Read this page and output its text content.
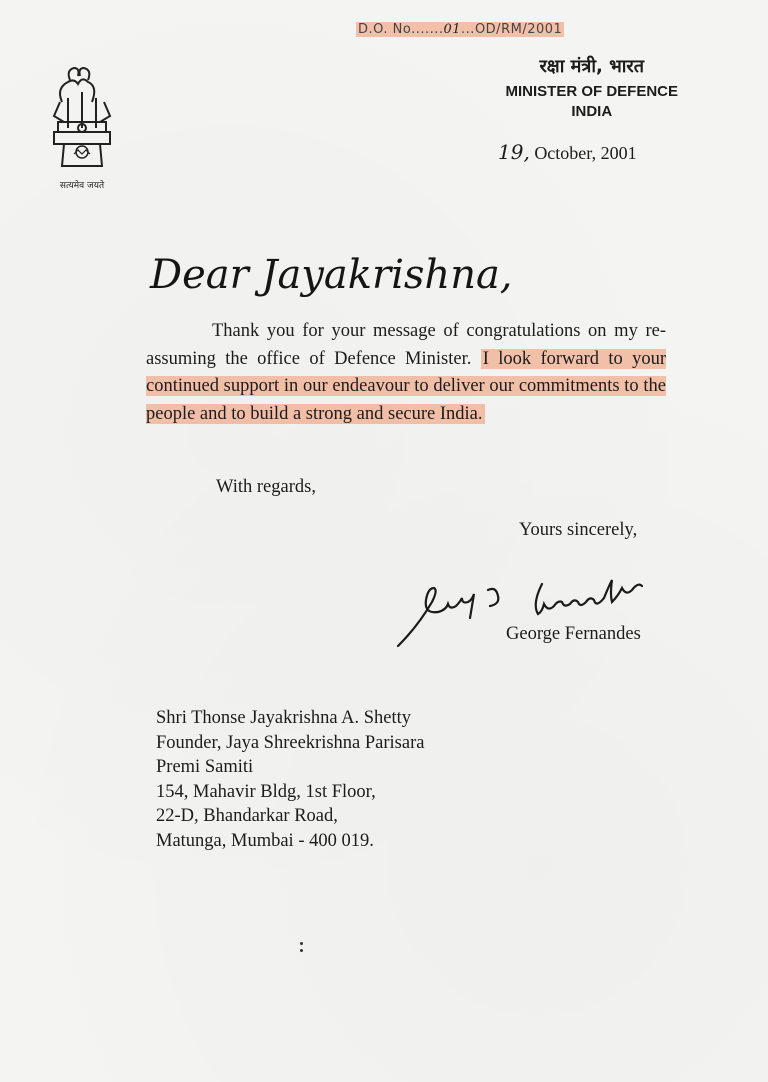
D.O. No.......01...OD/RM/2001
सत्यमेव जयते
रक्षा मंत्री, भारत
MINISTER OF DEFENCE
INDIA
19, October, 2001
Dear Jayakrishna,
Thank you for your message of congratulations on my re-assuming the office of Defence Minister. I look forward to your continued support in our endeavour to deliver our commitments to the people and to build a strong and secure India.
With regards,
Yours sincerely,
George Fernandes
Shri Thonse Jayakrishna A. Shetty
Founder, Jaya Shreekrishna Parisara
Premi Samiti
154, Mahavir Bldg, 1st Floor,
22-D, Bhandarkar Road,
Matunga, Mumbai - 400 019.
